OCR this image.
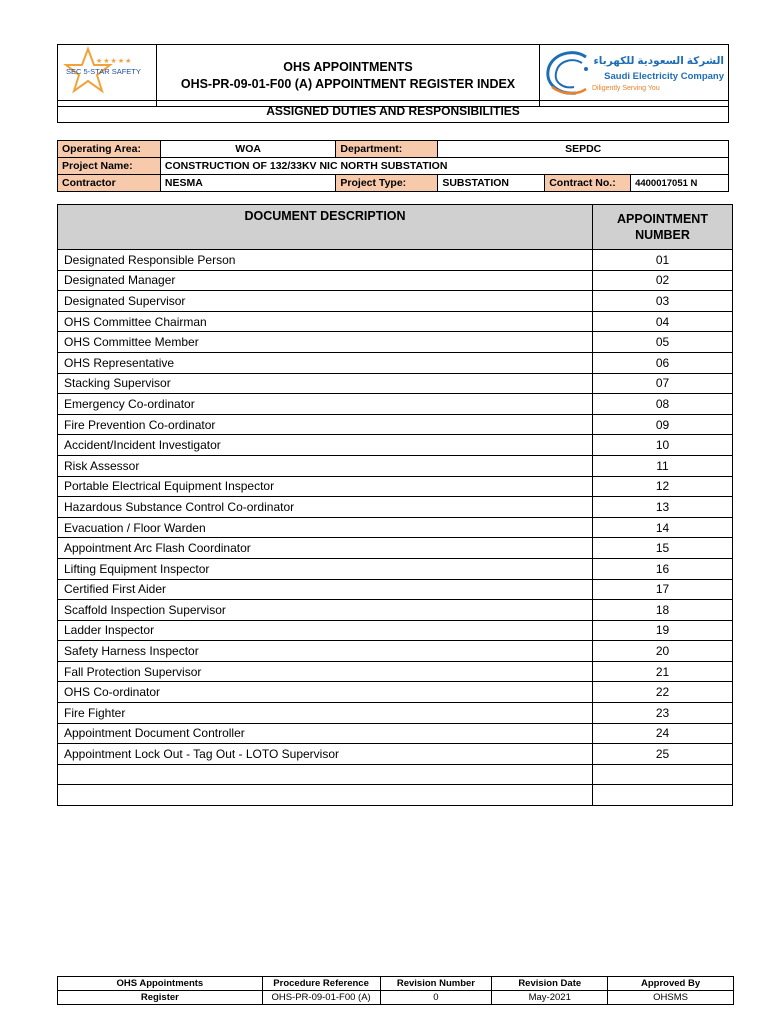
★★★★★
SEC 5-STAR SAFETY	OHS APPOINTMENTS
OHS-PR-09-01-F00 (A) APPOINTMENT REGISTER INDEX

الشركة السعودية للكهرباء
Saudi Electricity Company
Diligently Serving You
ASSIGNED DUTIES AND RESPONSIBILITIES
Operating Area:	WOA	Department:	SEPDC		
Project Name:	CONSTRUCTION OF 132/33KV NIC NORTH SUBSTATION				
Contractor	NESMA	Project Type:	SUBSTATION	Contract No.:	4400017051 N
DOCUMENT DESCRIPTION	APPOINTMENT NUMBER
Designated Responsible Person	01
Designated Manager	02
Designated Supervisor	03
OHS Committee Chairman	04
OHS Committee Member	05
OHS Representative	06
Stacking Supervisor	07
Emergency Co-ordinator	08
Fire Prevention Co-ordinator	09
Accident/Incident Investigator	10
Risk Assessor	11
Portable Electrical Equipment Inspector	12
Hazardous Substance Control Co-ordinator	13
Evacuation / Floor Warden	14
Appointment Arc Flash Coordinator	15
Lifting Equipment Inspector	16
Certified First Aider	17
Scaffold Inspection Supervisor	18
Ladder Inspector	19
Safety Harness Inspector	20
Fall Protection Supervisor	21
OHS Co-ordinator	22
Fire Fighter	23
Appointment Document Controller	24
Appointment Lock Out - Tag Out - LOTO Supervisor	25

OHS Appointments	Procedure Reference	Revision Number	Revision Date	Approved By
Register	OHS-PR-09-01-F00 (A)	0	May-2021	OHSMS
